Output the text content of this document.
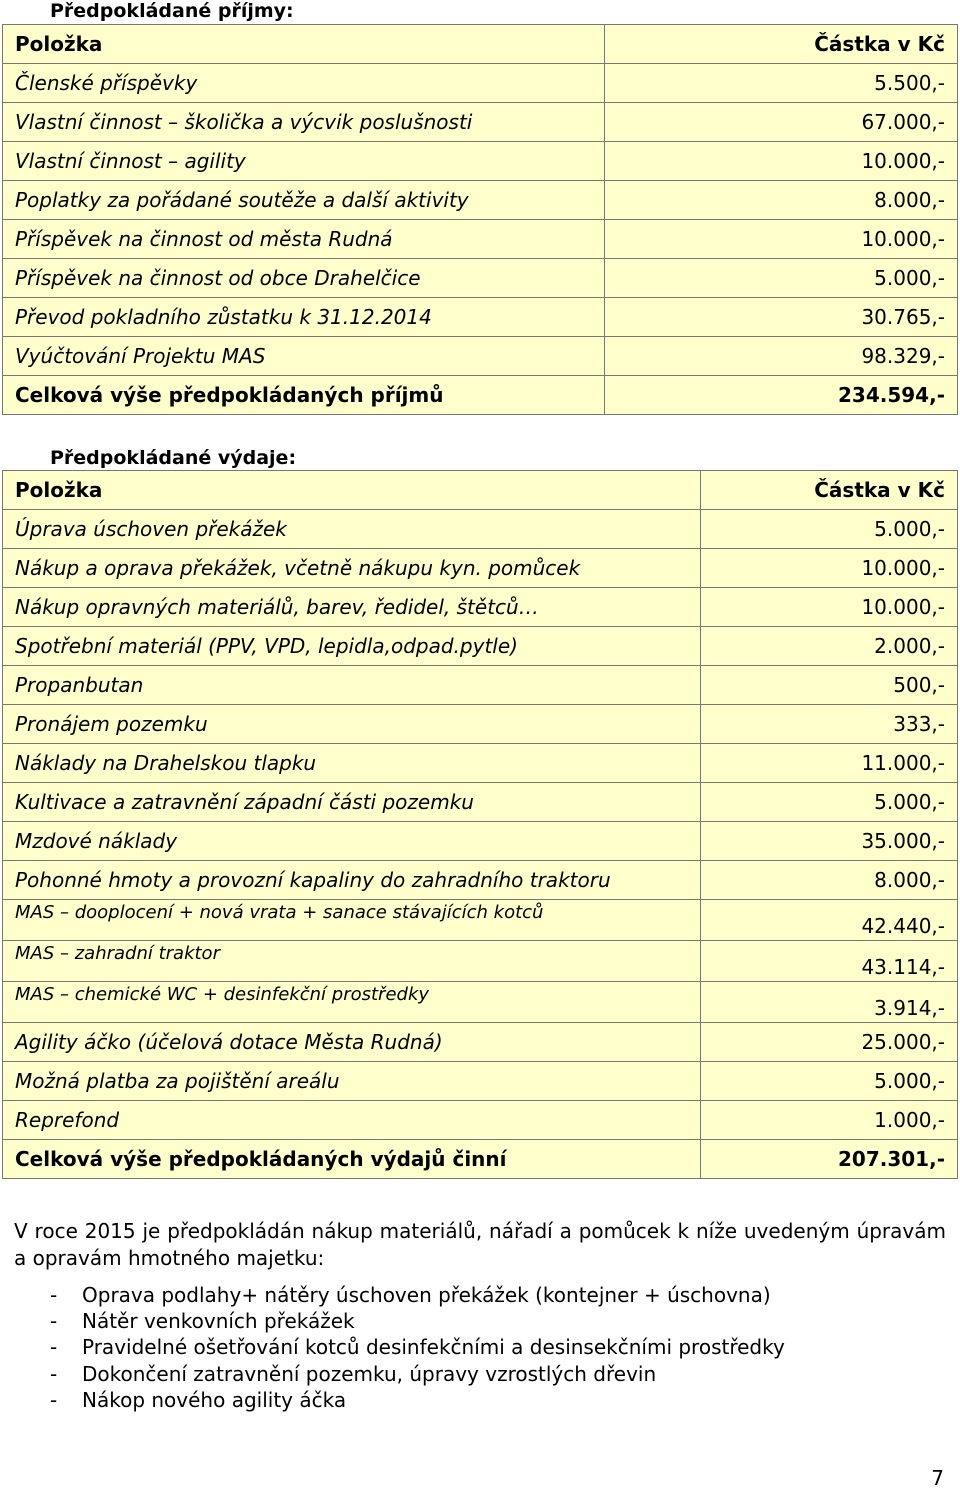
Předpokládané příjmy:
Položka	Částka v Kč
Členské příspěvky	5.500,-
Vlastní činnost – školička a výcvik poslušnosti	67.000,-
Vlastní činnost – agility	10.000,-
Poplatky za pořádané soutěže a další aktivity	8.000,-
Příspěvek na činnost od města Rudná	10.000,-
Příspěvek na činnost od obce Drahelčice	5.000,-
Převod pokladního zůstatku k 31.12.2014	30.765,-
Vyúčtování Projektu MAS	98.329,-
Celková výše předpokládaných příjmů	234.594,-
Předpokládané výdaje:
Položka	Částka v Kč
Úprava úschoven překážek	5.000,-
Nákup a oprava překážek, včetně nákupu kyn. pomůcek	10.000,-
Nákup opravných materiálů, barev, ředidel, štětců…	10.000,-
Spotřební materiál (PPV, VPD, lepidla,odpad.pytle)	2.000,-
Propanbutan	500,-
Pronájem pozemku	333,-
Náklady na Drahelskou tlapku	11.000,-
Kultivace a zatravnění západní části pozemku	5.000,-
Mzdové náklady	35.000,-
Pohonné hmoty a provozní kapaliny do zahradního traktoru	8.000,-
MAS – dooplocení + nová vrata + sanace stávajících kotců	42.440,-
MAS – zahradní traktor	43.114,-
MAS – chemické WC + desinfekční prostředky	3.914,-
Agility áčko (účelová dotace Města Rudná)	25.000,-
Možná platba za pojištění areálu	5.000,-
Reprefond	1.000,-
Celková výše předpokládaných výdajů činní	207.301,-
V roce 2015 je předpokládán nákup materiálů, nářadí a pomůcek k níže uvedeným úpravám a opravám hmotného majetku:
- Oprava podlahy+ nátěry úschoven překážek (kontejner + úschovna)
- Nátěr venkovních překážek
- Pravidelné ošetřování kotců desinfekčními a desinsekčními prostředky
- Dokončení zatravnění pozemku, úpravy vzrostlých dřevin
- Nákop nového agility áčka
7
